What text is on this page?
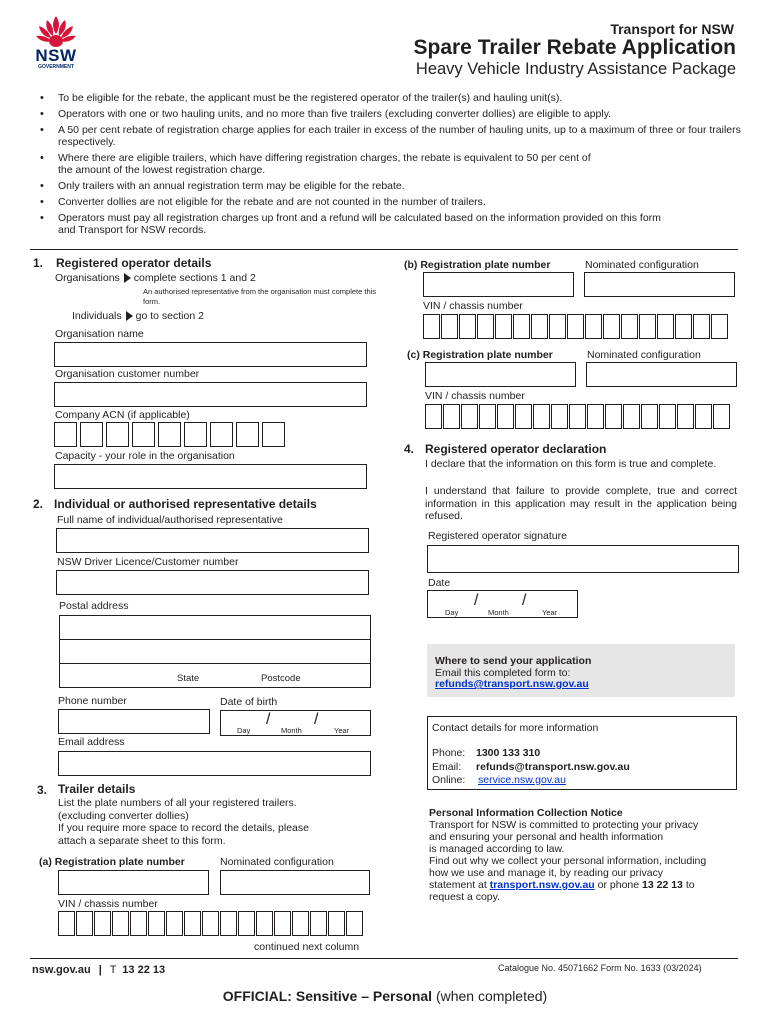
NSW
GOVERNMENT
Transport for NSW
Spare Trailer Rebate Application
Heavy Vehicle Industry Assistance Package
• To be eligible for the rebate, the applicant must be the registered operator of the trailer(s) and hauling unit(s).
• Operators with one or two hauling units, and no more than five trailers (excluding converter dollies) are eligible to apply.
• A 50 per cent rebate of registration charge applies for each trailer in excess of the number of hauling units, up to a maximum of three or four trailers respectively.
• Where there are eligible trailers, which have differing registration charges, the rebate is equivalent to 50 per cent of the amount of the lowest registration charge.
• Only trailers with an annual registration term may be eligible for the rebate.
• Converter dollies are not eligible for the rebate and are not counted in the number of trailers.
• Operators must pay all registration charges up front and a refund will be calculated based on the information provided on this form and Transport for NSW records.
1. Registered operator details
Organisations complete sections 1 and 2
An authorised representative from the organisation must complete this form.
Individuals go to section 2
Organisation name
Organisation customer number
Company ACN (if applicable)
Capacity - your role in the organisation
2. Individual or authorised representative details
Full name of individual/authorised representative
NSW Driver Licence/Customer number
Postal address
State	Postcode
Phone number	Date of birth
/	/
Day	Month	Year
Email address
3. Trailer details
List the plate numbers of all your registered trailers.
(excluding converter dollies)
If you require more space to record the details, please
attach a separate sheet to this form.
(a) Registration plate number	Nominated configuration
VIN / chassis number
continued next column
(b) Registration plate number	Nominated configuration
VIN / chassis number
(c) Registration plate number	Nominated configuration
VIN / chassis number
4. Registered operator declaration
I declare that the information on this form is true and complete.
I understand that failure to provide complete, true and correct information in this application may result in the application being refused.
Registered operator signature
Date
/	/
Day	Month	Year
Where to send your application
Email this completed form to:
refunds@transport.nsw.gov.au
Contact details for more information
Phone: 1300 133 310
Email: refunds@transport.nsw.gov.au
Online: service.nsw.gov.au
Personal Information Collection Notice
Transport for NSW is committed to protecting your privacy
and ensuring your personal and health information
is managed according to law.
Find out why we collect your personal information, including
how we use and manage it, by reading our privacy
statement at transport.nsw.gov.au or phone 13 22 13 to
request a copy.
nsw.gov.au | T 13 22 13	Catalogue No. 45071662 Form No. 1633 (03/2024)
OFFICIAL: Sensitive – Personal (when completed)
